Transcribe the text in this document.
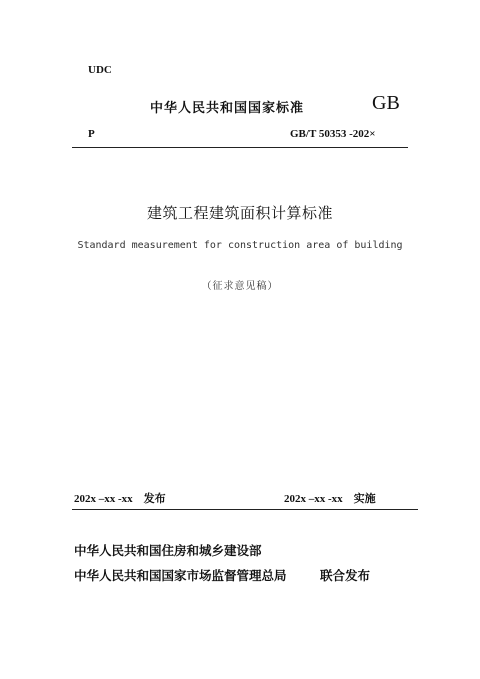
UDC
中华人民共和国国家标准	GB
P	GB/T 50353 -202×
建筑工程建筑面积计算标准
Standard measurement for construction area of building
（征求意见稿）
202x –xx -xx　发布	202x –xx -xx　实施
中华人民共和国住房和城乡建设部
中华人民共和国国家市场监督管理总局	联合发布
